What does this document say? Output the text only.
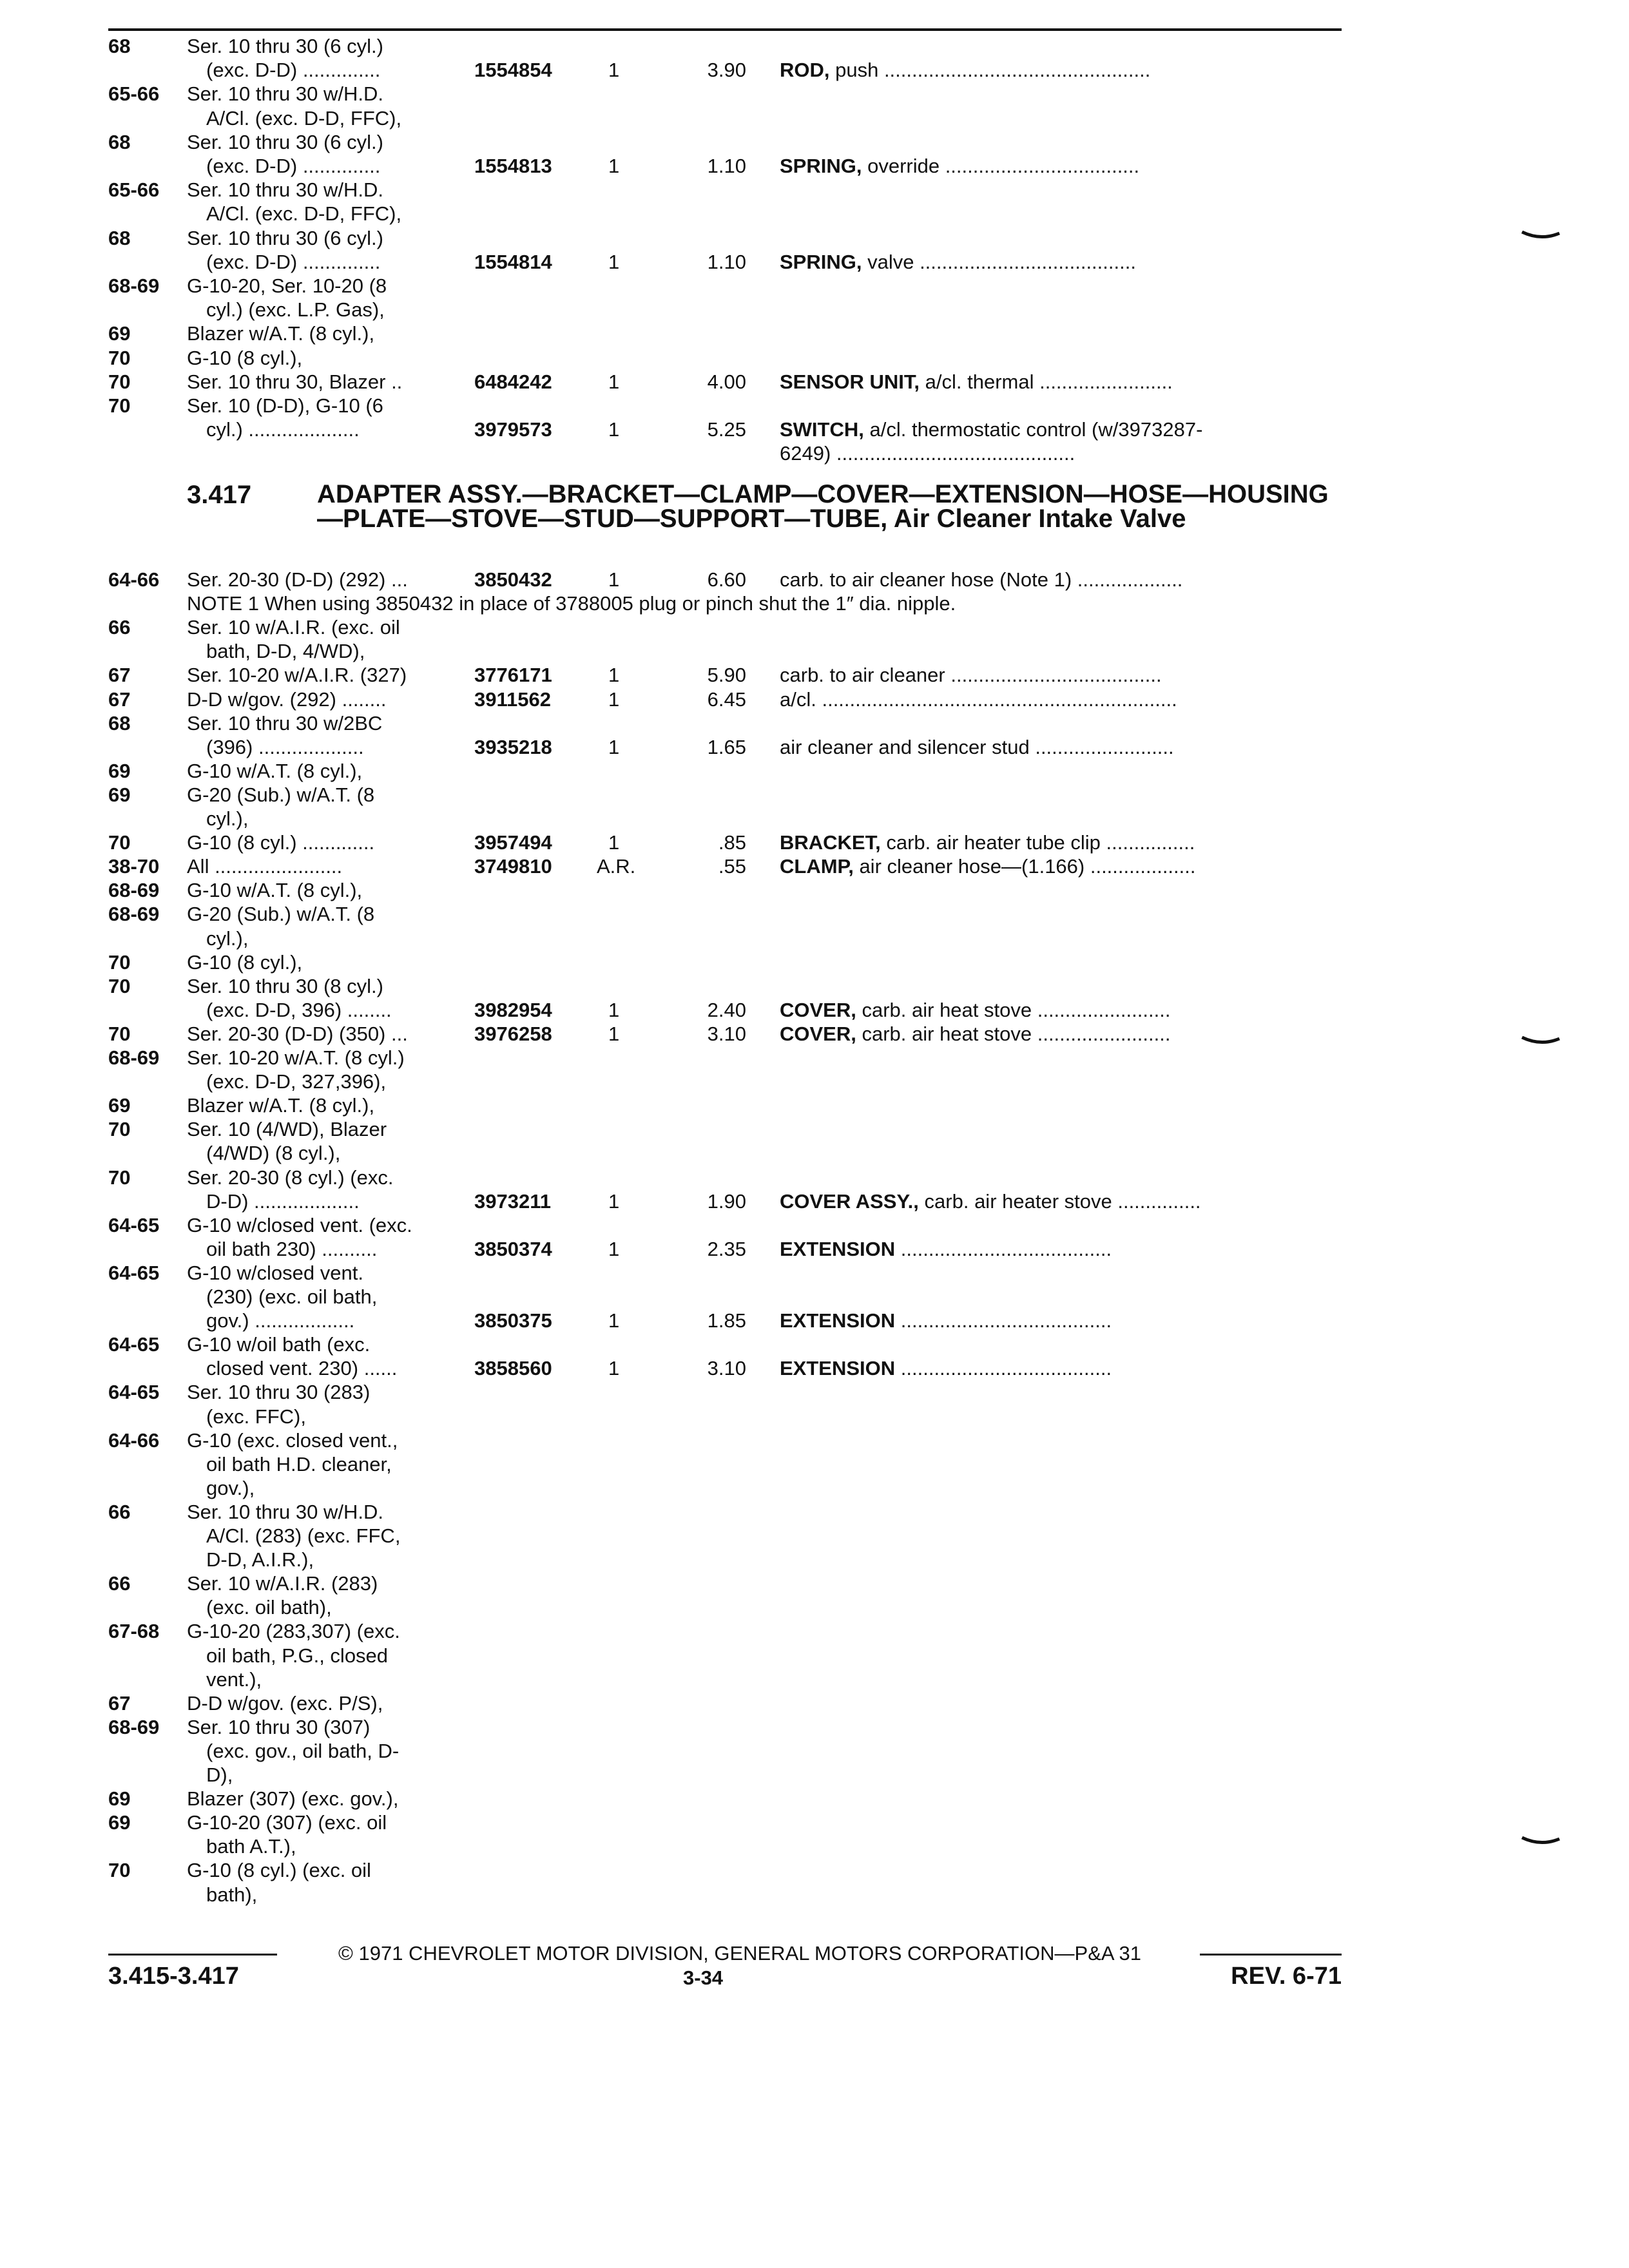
68	Ser. 10 thru 30 (6 cyl.)
(exc. D-D) ..............	1554854	1	3.90 ROD, push ................................................
65-66 Ser. 10 thru 30 w/H.D.
A/Cl. (exc. D-D, FFC),
68	Ser. 10 thru 30 (6 cyl.)
(exc. D-D) ..............	1554813	1	1.10 SPRING, override ...................................
65-66 Ser. 10 thru 30 w/H.D.
A/Cl. (exc. D-D, FFC),
68	Ser. 10 thru 30 (6 cyl.)
(exc. D-D) ..............	1554814	1	1.10 SPRING, valve .......................................
68-69 G-10-20, Ser. 10-20 (8
cyl.) (exc. L.P. Gas),
69	Blazer w/A.T. (8 cyl.),
70	G-10 (8 cyl.),
70	Ser. 10 thru 30, Blazer ..	6484242	1	4.00 SENSOR UNIT, a/cl. thermal ........................
70	Ser. 10 (D-D), G-10 (6
cyl.) ....................	3979573	1	5.25 SWITCH, a/cl. thermostatic control (w/3973287-
6249) ...........................................
3.417	ADAPTER ASSY.—BRACKET—CLAMP—COVER—EXTENSION—HOSE—HOUSING—PLATE—STOVE—STUD—SUPPORT—TUBE, Air Cleaner Intake Valve
64-66 Ser. 20-30 (D-D) (292) ...	3850432	1	6.60 carb. to air cleaner hose (Note 1) ...................
NOTE 1 When using 3850432 in place of 3788005 plug or pinch shut the 1″ dia. nipple.
66	Ser. 10 w/A.I.R. (exc. oil
bath, D-D, 4/WD),
67	Ser. 10-20 w/A.I.R. (327)	3776171	1	5.90 carb. to air cleaner ......................................
67	D-D w/gov. (292) ........	3911562	1	6.45 a/cl. ................................................................
68	Ser. 10 thru 30 w/2BC
(396) ...................	3935218	1	1.65 air cleaner and silencer stud .........................
69	G-10 w/A.T. (8 cyl.),
69	G-20 (Sub.) w/A.T. (8
cyl.),
70	G-10 (8 cyl.) .............	3957494	1	.85 BRACKET, carb. air heater tube clip ................
38-70 All .......................	3749810 A.R.	.55 CLAMP, air cleaner hose—(1.166) ...................
68-69 G-10 w/A.T. (8 cyl.),
68-69 G-20 (Sub.) w/A.T. (8
cyl.),
70	G-10 (8 cyl.),
70	Ser. 10 thru 30 (8 cyl.)
(exc. D-D, 396) ........	3982954	1	2.40 COVER, carb. air heat stove ........................
70	Ser. 20-30 (D-D) (350) ...	3976258	1	3.10 COVER, carb. air heat stove ........................
68-69 Ser. 10-20 w/A.T. (8 cyl.)
(exc. D-D, 327,396),
69	Blazer w/A.T. (8 cyl.),
70	Ser. 10 (4/WD), Blazer
(4/WD) (8 cyl.),
70	Ser. 20-30 (8 cyl.) (exc.
D-D) ...................	3973211	1	1.90 COVER ASSY., carb. air heater stove ...............
64-65 G-10 w/closed vent. (exc.
oil bath 230) ..........	3850374	1	2.35 EXTENSION ......................................
64-65 G-10 w/closed vent.
(230) (exc. oil bath,
gov.) ..................	3850375	1	1.85 EXTENSION ......................................
64-65 G-10 w/oil bath (exc.
closed vent. 230) ......	3858560	1	3.10 EXTENSION ......................................
64-65 Ser. 10 thru 30 (283)
(exc. FFC),
64-66 G-10 (exc. closed vent.,
oil bath H.D. cleaner,
gov.),
66	Ser. 10 thru 30 w/H.D.
A/Cl. (283) (exc. FFC,
D-D, A.I.R.),
66	Ser. 10 w/A.I.R. (283)
(exc. oil bath),
67-68 G-10-20 (283,307) (exc.
oil bath, P.G., closed
vent.),
67	D-D w/gov. (exc. P/S),
68-69 Ser. 10 thru 30 (307)
(exc. gov., oil bath, D-
D),
69	Blazer (307) (exc. gov.),
69	G-10-20 (307) (exc. oil
bath A.T.),
70	G-10 (8 cyl.) (exc. oil
bath),
© 1971 CHEVROLET MOTOR DIVISION, GENERAL MOTORS CORPORATION—P&A 31
3.415-3.417	3-34	REV. 6-71
